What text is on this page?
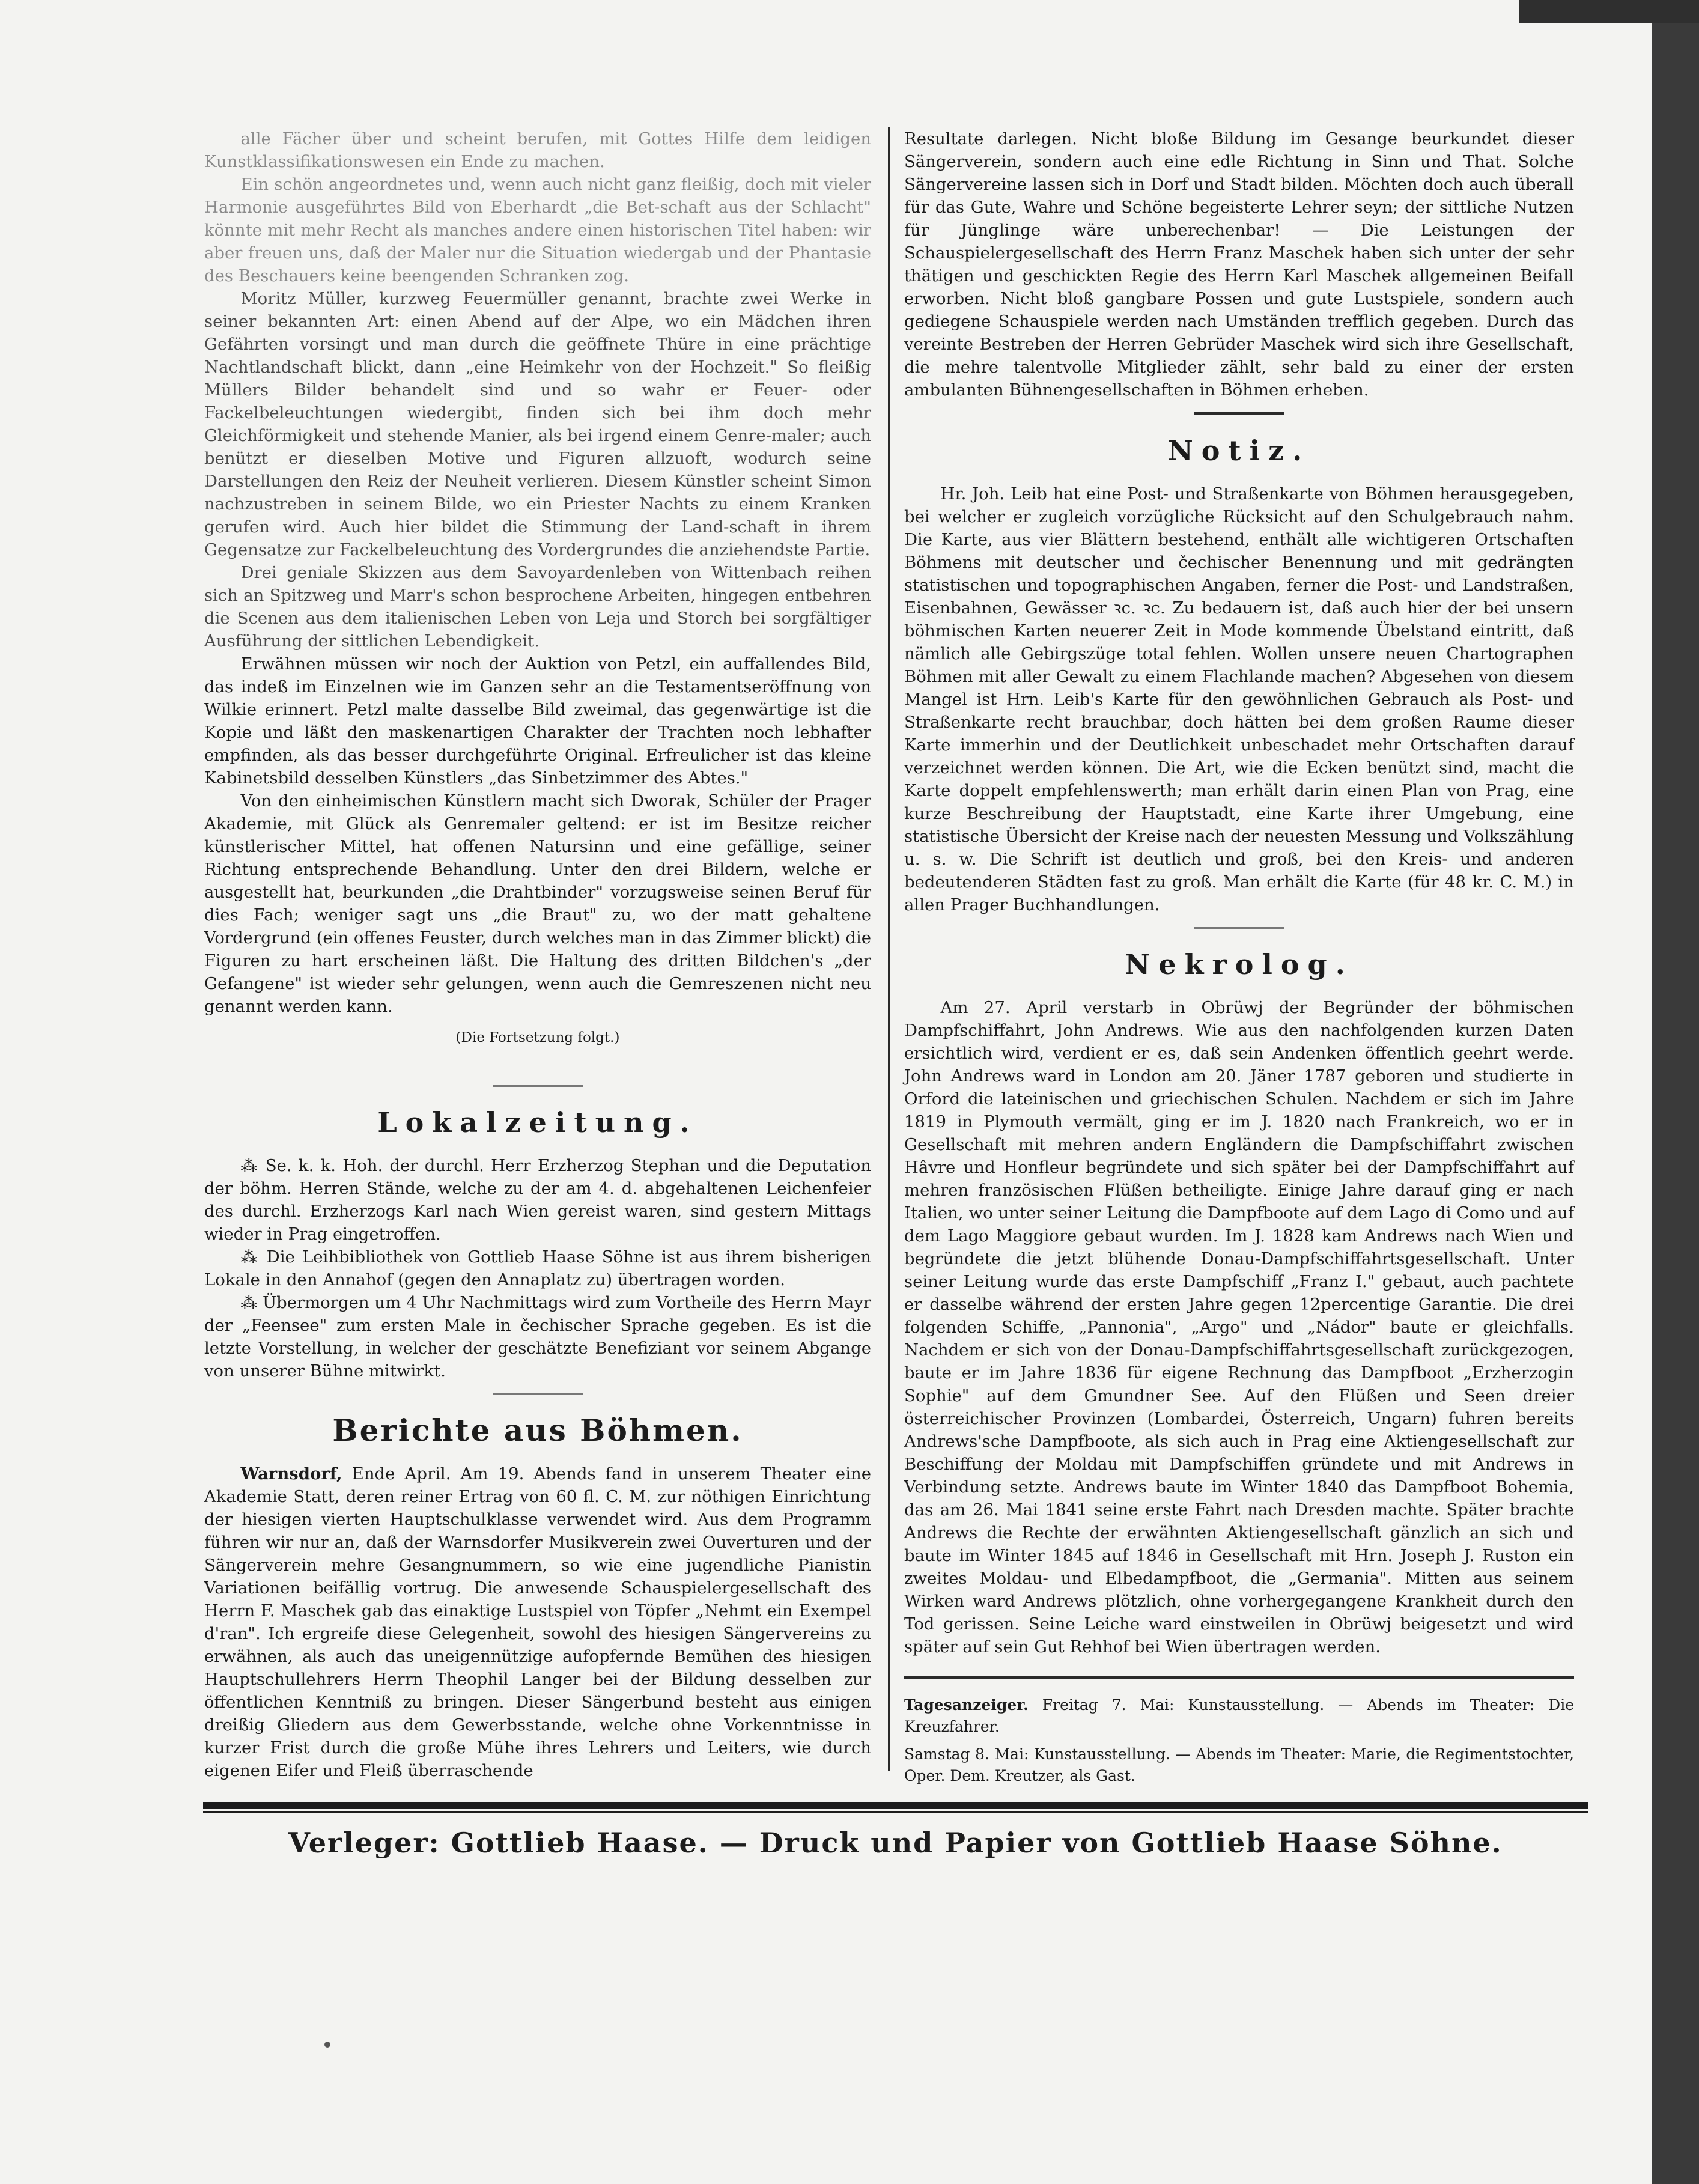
alle Fächer über und scheint berufen, mit Gottes Hilfe dem leidigen Kunstklassifikationswesen ein Ende zu machen.

Ein schön angeordnetes und, wenn auch nicht ganz fleißig, doch mit vieler Harmonie ausgeführtes Bild von Eberhardt „die Bet-schaft aus der Schlacht" könnte mit mehr Recht als manches andere einen historischen Titel haben: wir aber freuen uns, daß der Maler nur die Situation wiedergab und der Phantasie des Beschauers keine beengenden Schranken zog.

Moritz Müller, kurzweg Feuermüller genannt, brachte zwei Werke in seiner bekannten Art: einen Abend auf der Alpe, wo ein Mädchen ihren Gefährten vorsingt und man durch die geöffnete Thüre in eine prächtige Nachtlandschaft blickt, dann „eine Heimkehr von der Hochzeit." So fleißig Müllers Bilder behandelt sind und so wahr er Feuer- oder Fackelbeleuchtungen wiedergibt, finden sich bei ihm doch mehr Gleichförmigkeit und stehende Manier, als bei irgend einem Genre-maler; auch benützt er dieselben Motive und Figuren allzuoft, wodurch seine Darstellungen den Reiz der Neuheit verlieren. Diesem Künstler scheint Simon nachzustreben in seinem Bilde, wo ein Priester Nachts zu einem Kranken gerufen wird. Auch hier bildet die Stimmung der Land-schaft in ihrem Gegensatze zur Fackelbeleuchtung des Vordergrundes die anziehendste Partie.

Drei geniale Skizzen aus dem Savoyardenleben von Wittenbach reihen sich an Spitzweg und Marr's schon besprochene Arbeiten, hingegen entbehren die Scenen aus dem italienischen Leben von Leja und Storch bei sorgfältiger Ausführung der sittlichen Lebendigkeit.

Erwähnen müssen wir noch der Auktion von Petzl, ein auffallendes Bild, das indeß im Einzelnen wie im Ganzen sehr an die Testamentseröffnung von Wilkie erinnert. Petzl malte dasselbe Bild zweimal, das gegenwärtige ist die Kopie und läßt den maskenartigen Charakter der Trachten noch lebhafter empfinden, als das besser durchgeführte Original. Erfreulicher ist das kleine Kabinetsbild desselben Künstlers „das Sinbetzimmer des Abtes."

Von den einheimischen Künstlern macht sich Dworak, Schüler der Prager Akademie, mit Glück als Genremaler geltend: er ist im Besitze reicher künstlerischer Mittel, hat offenen Natursinn und eine gefällige, seiner Richtung entsprechende Behandlung. Unter den drei Bildern, welche er ausgestellt hat, beurkunden „die Drahtbinder" vorzugsweise seinen Beruf für dies Fach; weniger sagt uns „die Braut" zu, wo der matt gehaltene Vordergrund (ein offenes Feuster, durch welches man in das Zimmer blickt) die Figuren zu hart erscheinen läßt. Die Haltung des dritten Bildchen's „der Gefangene" ist wieder sehr gelungen, wenn auch die Gemreszenen nicht neu genannt werden kann.

(Die Fortsetzung folgt.)
Lokalzeitung.

⁂ Se. k. k. Hoh. der durchl. Herr Erzherzog Stephan und die Deputation der böhm. Herren Stände, welche zu der am 4. d. abgehaltenen Leichenfeier des durchl. Erzherzogs Karl nach Wien gereist waren, sind gestern Mittags wieder in Prag eingetroffen.

⁂ Die Leihbibliothek von Gottlieb Haase Söhne ist aus ihrem bisherigen Lokale in den Annahof (gegen den Annaplatz zu) übertragen worden.

⁂ Übermorgen um 4 Uhr Nachmittags wird zum Vortheile des Herrn Mayr der „Feensee" zum ersten Male in čechischer Sprache gegeben. Es ist die letzte Vorstellung, in welcher der geschätzte Benefiziant vor seinem Abgange von unserer Bühne mitwirkt.

Berichte aus Böhmen.

Warnsdorf, Ende April. Am 19. Abends fand in unserem Theater eine Akademie Statt, deren reiner Ertrag von 60 fl. C. M. zur nöthigen Einrichtung der hiesigen vierten Hauptschulklasse verwendet wird. Aus dem Programm führen wir nur an, daß der Warnsdorfer Musikverein zwei Ouverturen und der Sängerverein mehre Gesangnummern, so wie eine jugendliche Pianistin Variationen beifällig vortrug. Die anwesende Schauspielergesellschaft des Herrn F. Maschek gab das einaktige Lustspiel von Töpfer „Nehmt ein Exempel d'ran". Ich ergreife diese Gelegenheit, sowohl des hiesigen Sängervereins zu erwähnen, als auch das uneigennützige aufopfernde Bemühen des hiesigen Hauptschullehrers Herrn Theophil Langer bei der Bildung desselben zur öffentlichen Kenntniß zu bringen. Dieser Sängerbund besteht aus einigen dreißig Gliedern aus dem Gewerbsstande, welche ohne Vorkenntnisse in kurzer Frist durch die große Mühe ihres Lehrers und Leiters, wie durch eigenen Eifer und Fleiß überraschende

Resultate darlegen. Nicht bloße Bildung im Gesange beurkundet dieser Sängerverein, sondern auch eine edle Richtung in Sinn und That. Solche Sängervereine lassen sich in Dorf und Stadt bilden. Möchten doch auch überall für das Gute, Wahre und Schöne begeisterte Lehrer seyn; der sittliche Nutzen für Jünglinge wäre unberechenbar! — Die Leistungen der Schauspielergesellschaft des Herrn Franz Maschek haben sich unter der sehr thätigen und geschickten Regie des Herrn Karl Maschek allgemeinen Beifall erworben. Nicht bloß gangbare Possen und gute Lustspiele, sondern auch gediegene Schauspiele werden nach Umständen trefflich gegeben. Durch das vereinte Bestreben der Herren Gebrüder Maschek wird sich ihre Gesellschaft, die mehre talentvolle Mitglieder zählt, sehr bald zu einer der ersten ambulanten Bühnengesellschaften in Böhmen erheben.

Notiz.

Hr. Joh. Leib hat eine Post- und Straßenkarte von Böhmen herausgegeben, bei welcher er zugleich vorzügliche Rücksicht auf den Schulgebrauch nahm. Die Karte, aus vier Blättern bestehend, enthält alle wichtigeren Ortschaften Böhmens mit deutscher und čechischer Benennung und mit gedrängten statistischen und topographischen Angaben, ferner die Post- und Landstraßen, Eisenbahnen, Gewässer ꝛc. ꝛc. Zu bedauern ist, daß auch hier der bei unsern böhmischen Karten neuerer Zeit in Mode kommende Übelstand eintritt, daß nämlich alle Gebirgszüge total fehlen. Wollen unsere neuen Chartographen Böhmen mit aller Gewalt zu einem Flachlande machen? Abgesehen von diesem Mangel ist Hrn. Leib's Karte für den gewöhnlichen Gebrauch als Post- und Straßenkarte recht brauchbar, doch hätten bei dem großen Raume dieser Karte immerhin und der Deutlichkeit unbeschadet mehr Ortschaften darauf verzeichnet werden können. Die Art, wie die Ecken benützt sind, macht die Karte doppelt empfehlenswerth; man erhält darin einen Plan von Prag, eine kurze Beschreibung der Hauptstadt, eine Karte ihrer Umgebung, eine statistische Übersicht der Kreise nach der neuesten Messung und Volkszählung u. s. w. Die Schrift ist deutlich und groß, bei den Kreis- und anderen bedeutenderen Städten fast zu groß. Man erhält die Karte (für 48 kr. C. M.) in allen Prager Buchhandlungen.

Nekrolog.

Am 27. April verstarb in Obrüwj der Begründer der böhmischen Dampfschiffahrt, John Andrews. Wie aus den nachfolgenden kurzen Daten ersichtlich wird, verdient er es, daß sein Andenken öffentlich geehrt werde. John Andrews ward in London am 20. Jäner 1787 geboren und studierte in Orford die lateinischen und griechischen Schulen. Nachdem er sich im Jahre 1819 in Plymouth vermält, ging er im J. 1820 nach Frankreich, wo er in Gesellschaft mit mehren andern Engländern die Dampfschiffahrt zwischen Hâvre und Honfleur begründete und sich später bei der Dampfschiffahrt auf mehren französischen Flüßen betheiligte. Einige Jahre darauf ging er nach Italien, wo unter seiner Leitung die Dampfboote auf dem Lago di Como und auf dem Lago Maggiore gebaut wurden. Im J. 1828 kam Andrews nach Wien und begründete die jetzt blühende Donau-Dampfschiffahrtsgesellschaft. Unter seiner Leitung wurde das erste Dampfschiff „Franz I." gebaut, auch pachtete er dasselbe während der ersten Jahre gegen 12percentige Garantie. Die drei folgenden Schiffe, „Pannonia", „Argo" und „Nádor" baute er gleichfalls. Nachdem er sich von der Donau-Dampfschiffahrtsgesellschaft zurückgezogen, baute er im Jahre 1836 für eigene Rechnung das Dampfboot „Erzherzogin Sophie" auf dem Gmundner See. Auf den Flüßen und Seen dreier österreichischer Provinzen (Lombardei, Österreich, Ungarn) fuhren bereits Andrews'sche Dampfboote, als sich auch in Prag eine Aktiengesellschaft zur Beschiffung der Moldau mit Dampfschiffen gründete und mit Andrews in Verbindung setzte. Andrews baute im Winter 1840 das Dampfboot Bohemia, das am 26. Mai 1841 seine erste Fahrt nach Dresden machte. Später brachte Andrews die Rechte der erwähnten Aktiengesellschaft gänzlich an sich und baute im Winter 1845 auf 1846 in Gesellschaft mit Hrn. Joseph J. Ruston ein zweites Moldau- und Elbedampfboot, die „Germania". Mitten aus seinem Wirken ward Andrews plötzlich, ohne vorhergegangene Krankheit durch den Tod gerissen. Seine Leiche ward einstweilen in Obrüwj beigesetzt und wird später auf sein Gut Rehhof bei Wien übertragen werden.

Tagesanzeiger. Freitag 7. Mai: Kunstausstellung. — Abends im Theater: Die Kreuzfahrer.

Samstag 8. Mai: Kunstausstellung. — Abends im Theater: Marie, die Regimentstochter, Oper. Dem. Kreutzer, als Gast.

Verleger: Gottlieb Haase. — Druck und Papier von Gottlieb Haase Söhne.
